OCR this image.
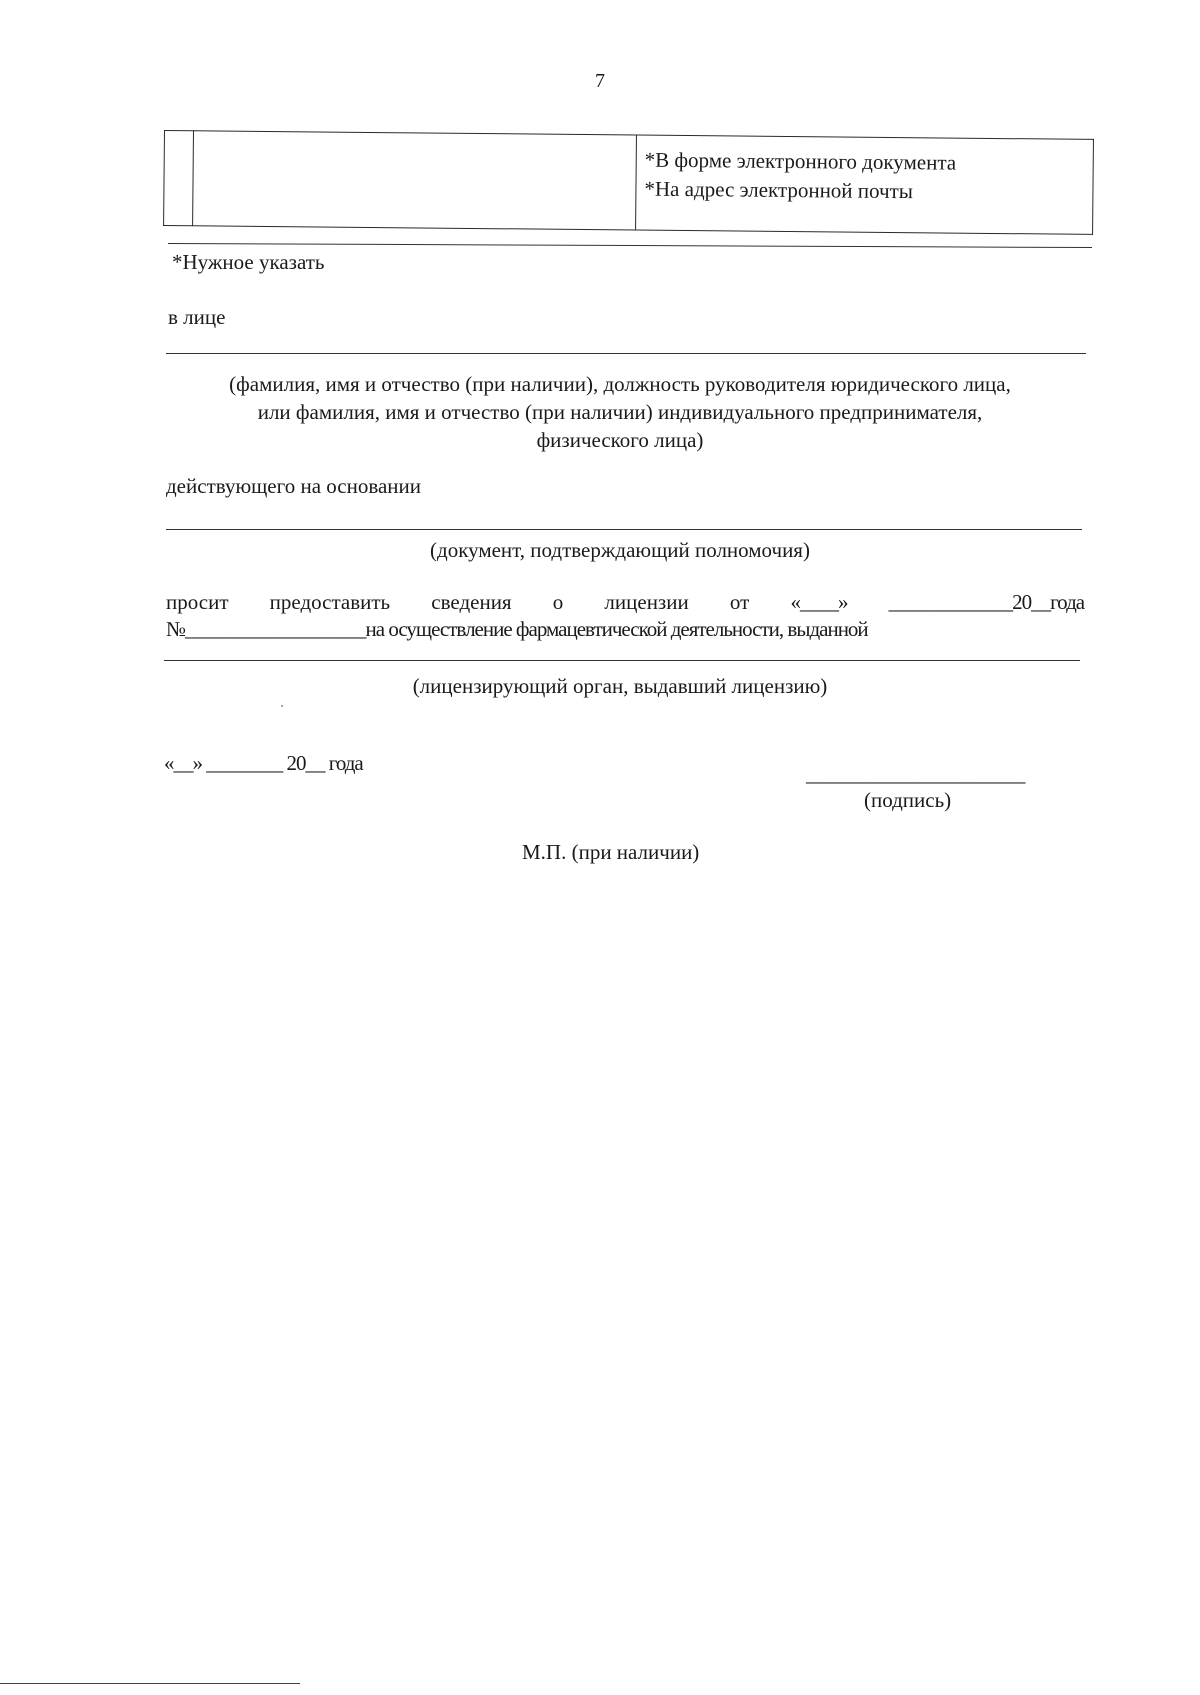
7

*В форме электронного документа
*На адрес электронной почты
*Нужное указать
в лице
(фамилия, имя и отчество (при наличии), должность руководителя юридического лица,
или фамилия, имя и отчество (при наличии) индивидуального предпринимателя,
физического лица)
действующего на основании
(документ, подтверждающий полномочия)
просит предоставить сведения о лицензии от «____» _____________20__года
№___________________на осуществление фармацевтической деятельности, выданной
(лицензирующий орган, выдавший лицензию)
«__» ________ 20__ года	_______________________
(подпись)
М.П. (при наличии)
